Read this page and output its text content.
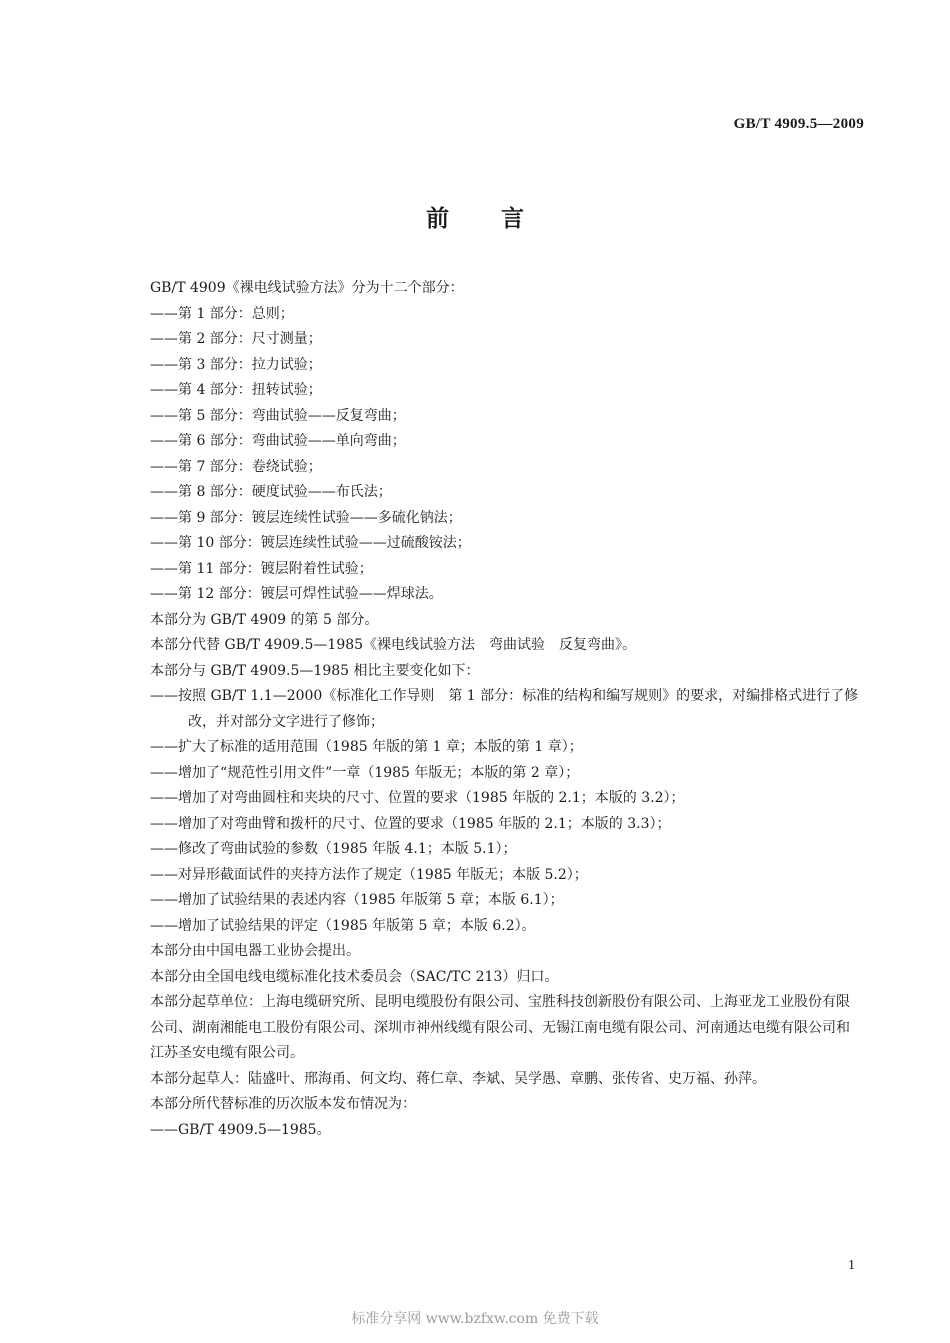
GB/T 4909.5—2009
前言
GB/T 4909《裸电线试验方法》分为十二个部分：
——第 1 部分：总则；
——第 2 部分：尺寸测量；
——第 3 部分：拉力试验；
——第 4 部分：扭转试验；
——第 5 部分：弯曲试验——反复弯曲；
——第 6 部分：弯曲试验——单向弯曲；
——第 7 部分：卷绕试验；
——第 8 部分：硬度试验——布氏法；
——第 9 部分：镀层连续性试验——多硫化钠法；
——第 10 部分：镀层连续性试验——过硫酸铵法；
——第 11 部分：镀层附着性试验；
——第 12 部分：镀层可焊性试验——焊球法。
本部分为 GB/T 4909 的第 5 部分。
本部分代替 GB/T 4909.5—1985《裸电线试验方法　弯曲试验　反复弯曲》。
本部分与 GB/T 4909.5—1985 相比主要变化如下：
——按照 GB/T 1.1—2000《标准化工作导则　第 1 部分：标准的结构和编写规则》的要求，对编排格式进行了修改，并对部分文字进行了修饰；
——扩大了标准的适用范围（1985 年版的第 1 章；本版的第 1 章）；
——增加了“规范性引用文件”一章（1985 年版无；本版的第 2 章）；
——增加了对弯曲圆柱和夹块的尺寸、位置的要求（1985 年版的 2.1；本版的 3.2）；
——增加了对弯曲臂和拨杆的尺寸、位置的要求（1985 年版的 2.1；本版的 3.3）；
——修改了弯曲试验的参数（1985 年版 4.1；本版 5.1）；
——对异形截面试件的夹持方法作了规定（1985 年版无；本版 5.2）；
——增加了试验结果的表述内容（1985 年版第 5 章；本版 6.1）；
——增加了试验结果的评定（1985 年版第 5 章；本版 6.2）。
本部分由中国电器工业协会提出。
本部分由全国电线电缆标准化技术委员会（SAC/TC 213）归口。
本部分起草单位：上海电缆研究所、昆明电缆股份有限公司、宝胜科技创新股份有限公司、上海亚龙工业股份有限公司、湖南湘能电工股份有限公司、深圳市神州线缆有限公司、无锡江南电缆有限公司、河南通达电缆有限公司和江苏圣安电缆有限公司。
本部分起草人：陆盛叶、邢海甬、何文均、蒋仁章、李斌、吴学愚、章鹏、张传省、史万福、孙萍。
本部分所代替标准的历次版本发布情况为：
——GB/T 4909.5—1985。
1
标准分享网 www.bzfxw.com 免费下载
